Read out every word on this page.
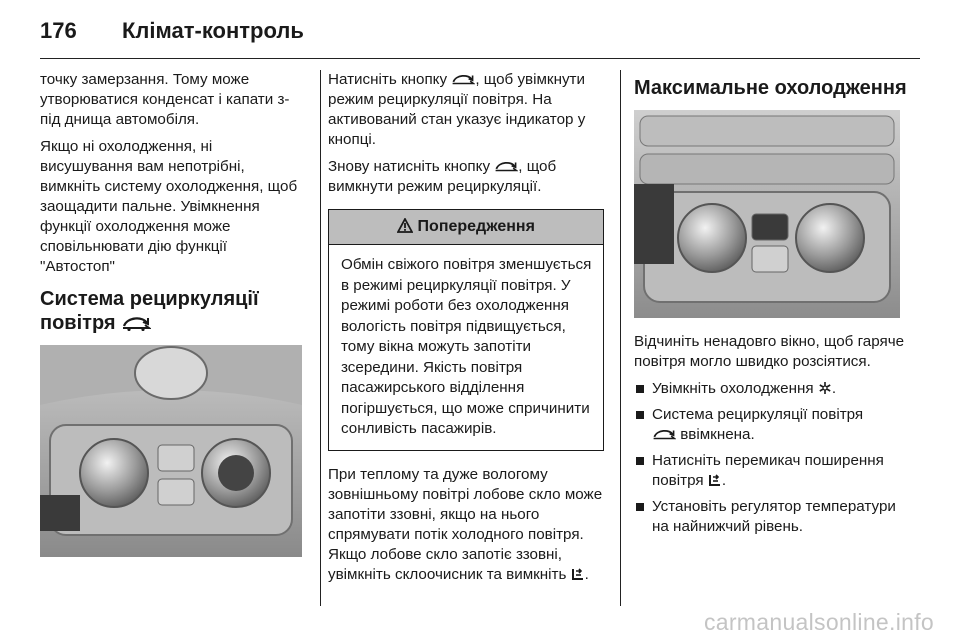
176 Клімат-контроль

точку замерзання. Тому може утворюватися конденсат і капати з-під днища автомобіля.

Якщо ні охолодження, ні висушування вам непотрібні, вимкніть систему охолодження, щоб заощадити пальне. Увімкнення функції охолодження може сповільнювати дію функції "Автостоп"

Система рециркуляції
повітря

Натисніть кнопку , щоб увімкнути режим рециркуляції повітря. На активований стан указує індикатор у кнопці.

Знову натисніть кнопку , щоб вимкнути режим рециркуляції.

Попередження
Обмін свіжого повітря зменшується в режимі рециркуляції повітря. У режимі роботи без охолодження вологість повітря підвищується, тому вікна можуть запотіти зсередини. Якість повітря пасажирського відділення погіршується, що може спричинити сонливість пасажирів.

При теплому та дуже вологому зовнішньому повітрі лобове скло може запотіти ззовні, якщо на нього спрямувати потік холодного повітря. Якщо лобове скло запотіє ззовні, увімкніть склоочисник та вимкніть .

Максимальне охолодження

Відчиніть ненадовго вікно, щоб гаряче повітря могло швидко розсіятися.

Увімкніть охолодження .
Система рециркуляції повітря
ввімкнена.
Натисніть перемикач поширення повітря .
Установіть регулятор температури на найнижчий рівень.
carmanualsonline.info
